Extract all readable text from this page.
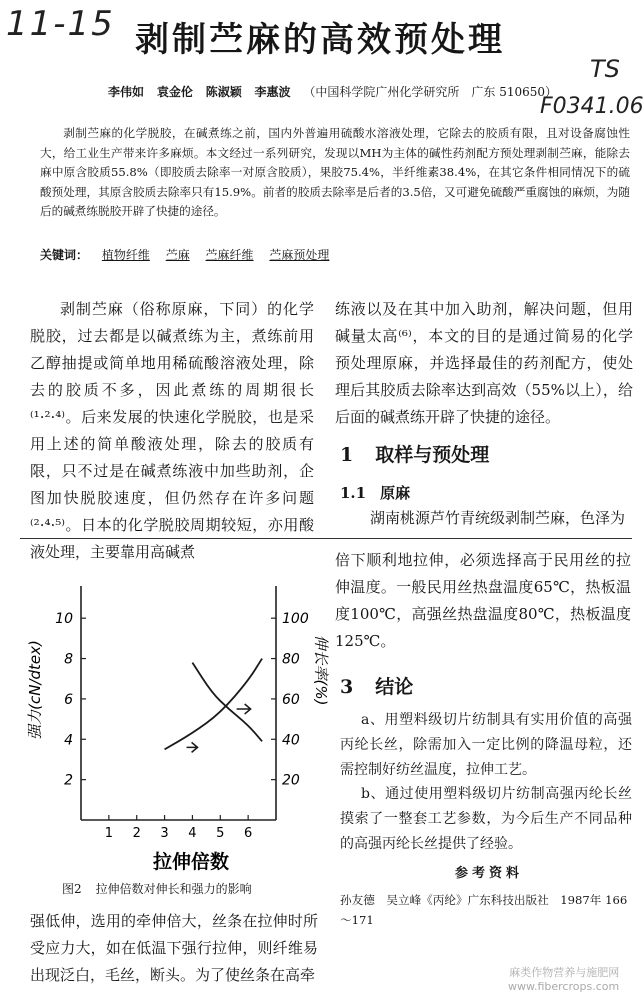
11-15
TS
F0341.06
剥制苎麻的高效预处理
李伟如 袁金伦 陈淑颖 李惠波 （中国科学院广州化学研究所　广东 510650）
剥制苎麻的化学脱胶，在碱煮练之前，国内外普遍用硫酸水溶液处理，它除去的胶质有限，且对设备腐蚀性大，给工业生产带来许多麻烦。本文经过一系列研究，发现以MH为主体的碱性药剂配方预处理剥制苎麻，能除去麻中原含胶质55.8%（即胶质去除率一对原含胶质），果胶75.4%，半纤维素38.4%，在其它条件相同情况下的硫酸预处理，其原含胶质去除率只有15.9%。前者的胶质去除率是后者的3.5倍，又可避免硫酸严重腐蚀的麻烦，为随后的碱煮练脱胶开辟了快捷的途径。
关键词： 植物纤维 苎麻 苎麻纤维 苎麻预处理
剥制苎麻（俗称原麻，下同）的化学脱胶，过去都是以碱煮练为主，煮练前用乙醇抽提或简单地用稀硫酸溶液处理，除去的胶质不多，因此煮练的周期很长⁽¹·²·⁴⁾。后来发展的快速化学脱胶，也是采用上述的简单酸液处理，除去的胶质有限，只不过是在碱煮练液中加些助剂，企图加快脱胶速度，但仍然存在许多问题⁽²·⁴·⁵⁾。日本的化学脱胶周期较短，亦用酸液处理，主要靠用高碱煮
练液以及在其中加入助剂，解决问题，但用碱量太高⁽⁶⁾，本文的目的是通过简易的化学预处理原麻，并选择最佳的药剂配方，使处理后其胶质去除率达到高效（55%以上），给后面的碱煮练开辟了快捷的途径。
1 取样与预处理
1.1 原麻
湖南桃源芦竹青统级剥制苎麻，色泽为
倍下顺利地拉伸，必须选择高于民用丝的拉伸温度。一般民用丝热盘温度65℃，热板温度100℃，高强丝热盘温度80℃，热板温度125℃。
3 结论

a、用塑料级切片纺制具有实用价值的高强丙纶长丝，除需加入一定比例的降温母粒，还需控制好纺丝温度，拉伸工艺。

b、通过使用塑料级切片纺制高强丙纶长丝摸索了一整套工艺参数，为今后生产不同品种的高强丙纶长丝提供了经验。

参考资料
孙友德　吴立峰《丙纶》广东科技出版社　1987年 166～171
1 2 3 4 5 6
2
4
6
8
10
20
40
60
80
100
拉伸倍数
强力(cN/dtex)	伸长率(%)
图2 拉伸倍数对伸长和强力的影响
强低伸，选用的牵伸倍大，丝条在拉伸时所受应力大，如在低温下强行拉伸，则纤维易出现泛白，毛丝，断头。为了使丝条在高牵	麻类作物营养与施肥网
www.fibercrops.com
